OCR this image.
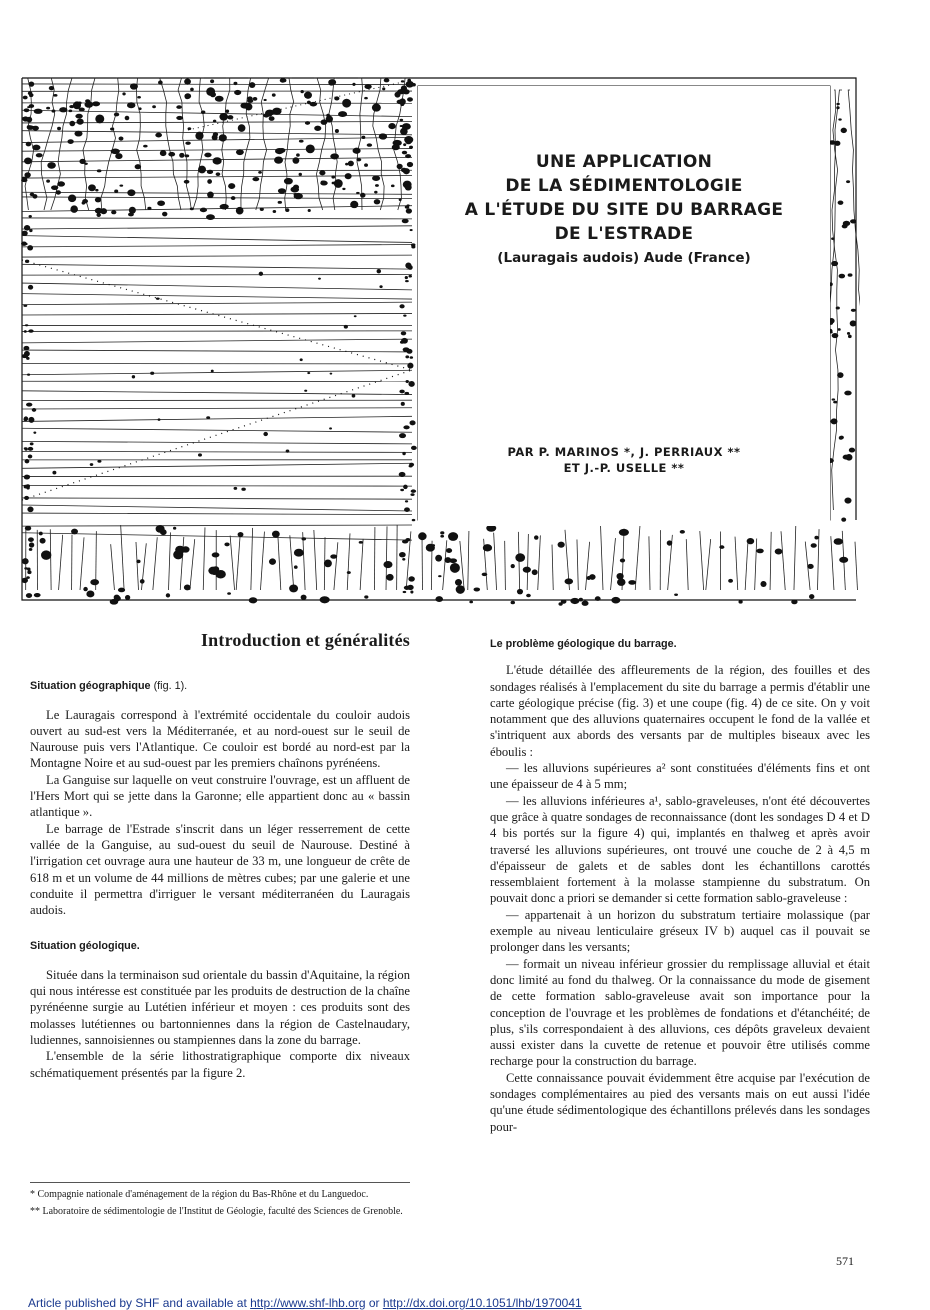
UNE APPLICATION
DE LA SÉDIMENTOLOGIE
A L'ÉTUDE DU SITE DU BARRAGE
DE L'ESTRADE
(Lauragais audois) Aude (France)
PAR P. MARINOS *, J. PERRIAUX **
ET J.-P. USELLE **
Introduction et généralités
Situation géographique (fig. 1).

Le Lauragais correspond à l'extrémité occidentale du couloir audois ouvert au sud-est vers la Méditerranée, et au nord-ouest sur le seuil de Naurouse puis vers l'Atlantique. Ce couloir est bordé au nord-est par la Montagne Noire et au sud-ouest par les premiers chaînons pyrénéens.

La Ganguise sur laquelle on veut construire l'ouvrage, est un affluent de l'Hers Mort qui se jette dans la Garonne; elle appartient donc au « bassin atlantique ».

Le barrage de l'Estrade s'inscrit dans un léger resserrement de cette vallée de la Ganguise, au sud-ouest du seuil de Naurouse. Destiné à l'irrigation cet ouvrage aura une hauteur de 33 m, une longueur de crête de 618 m et un volume de 44 millions de mètres cubes; par une galerie et une conduite il permettra d'irriguer le versant méditerranéen du Lauragais audois.

Situation géologique.

Située dans la terminaison sud orientale du bassin d'Aquitaine, la région qui nous intéresse est constituée par les produits de destruction de la chaîne pyrénéenne surgie au Lutétien inférieur et moyen : ces produits sont des molasses lutétiennes ou bartonniennes dans la région de Castelnaudary, ludiennes, sannoisiennes ou stampiennes dans la zone du barrage.

L'ensemble de la série lithostratigraphique comporte dix niveaux schématiquement présentés par la figure 2.

* Compagnie nationale d'aménagement de la région du Bas-Rhône et du Languedoc.
** Laboratoire de sédimentologie de l'Institut de Géologie, faculté des Sciences de Grenoble.
Le problème géologique du barrage.

L'étude détaillée des affleurements de la région, des fouilles et des sondages réalisés à l'emplacement du site du barrage a permis d'établir une carte géologique précise (fig. 3) et une coupe (fig. 4) de ce site. On y voit notamment que des alluvions quaternaires occupent le fond de la vallée et s'intriquent aux abords des versants par de multiples biseaux avec les éboulis :

— les alluvions supérieures a² sont constituées d'éléments fins et ont une épaisseur de 4 à 5 mm;

— les alluvions inférieures a¹, sablo-graveleuses, n'ont été découvertes que grâce à quatre sondages de reconnaissance (dont les sondages D 4 et D 4 bis portés sur la figure 4) qui, implantés en thalweg et après avoir traversé les alluvions supérieures, ont trouvé une couche de 2 à 4,5 m d'épaisseur de galets et de sables dont les échantillons carottés ressemblaient fortement à la molasse stampienne du substratum. On pouvait donc a priori se demander si cette formation sablo-graveleuse :

— appartenait à un horizon du substratum tertiaire molassique (par exemple au niveau lenticulaire gréseux IV b) auquel cas il pouvait se prolonger dans les versants;

— formait un niveau inférieur grossier du remplissage alluvial et était donc limité au fond du thalweg. Or la connaissance du mode de gisement de cette formation sablo-graveleuse avait son importance pour la conception de l'ouvrage et les problèmes de fondations et d'étanchéité; de plus, s'ils correspondaient à des alluvions, ces dépôts graveleux devaient aussi exister dans la cuvette de retenue et pouvoir être utilisés comme recharge pour la construction du barrage.

Cette connaissance pouvait évidemment être acquise par l'exécution de sondages complémentaires au pied des versants mais on eut aussi l'idée qu'une étude sédimentologique des échantillons prélevés dans les sondages pour-

571
Article published by SHF and available at http://www.shf-lhb.org or http://dx.doi.org/10.1051/lhb/1970041
